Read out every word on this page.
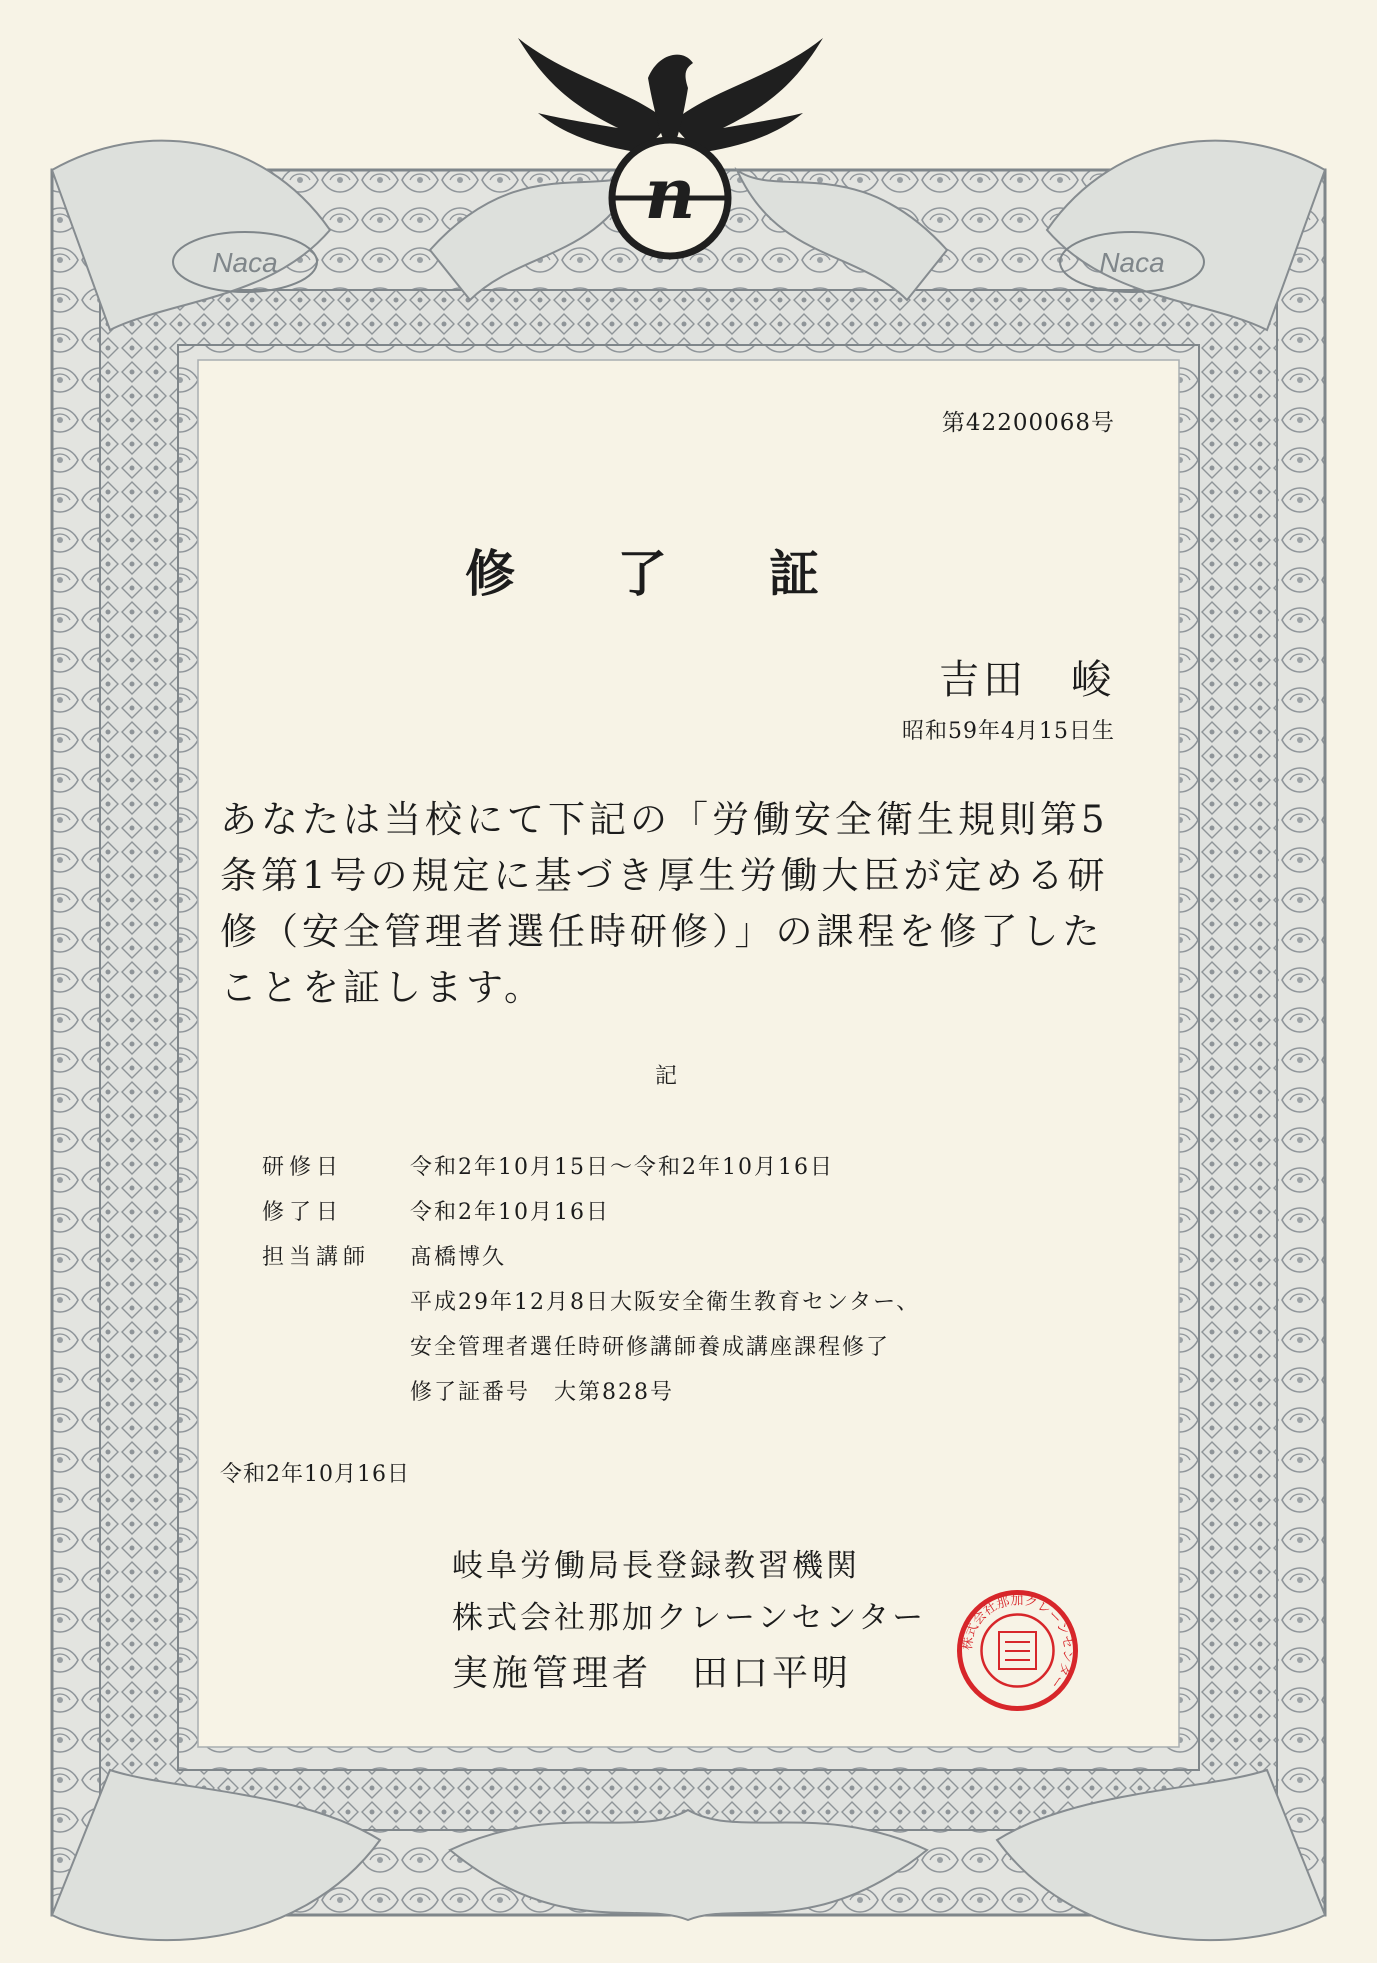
Naca	Naca
n
第42200068号
修 了 証
吉田　峻
昭和59年4月15日生
あなたは当校にて下記の「労働安全衛生規則第5条第1号の規定に基づき厚生労働大臣が定める研修（安全管理者選任時研修）」の課程を修了したことを証します。
記
研修日	令和2年10月15日～令和2年10月16日
修了日	令和2年10月16日
担当講師	髙橋博久
平成29年12月8日大阪安全衛生教育センター、
安全管理者選任時研修講師養成講座課程修了
修了証番号　大第828号
令和2年10月16日
岐阜労働局長登録教習機関
株式会社那加クレーンセンター
実施管理者　田口平明
株式会社那加クレーンセンター
